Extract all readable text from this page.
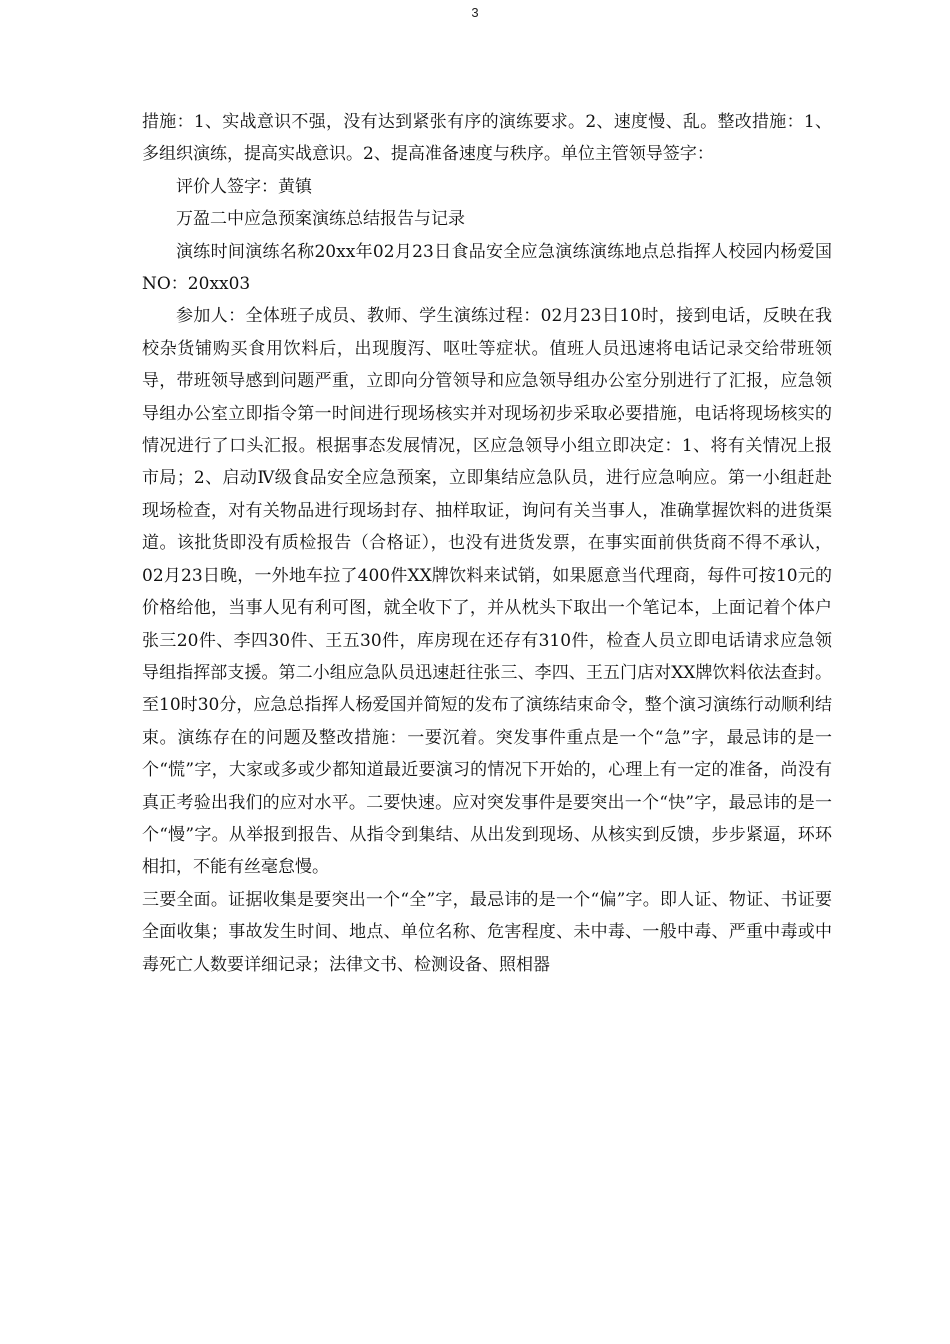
3

措施：1、实战意识不强，没有达到紧张有序的演练要求。2、速度慢、乱。整改措施：1、多组织演练，提高实战意识。2、提高准备速度与秩序。单位主管领导签字：

评价人签字：黄镇

万盈二中应急预案演练总结报告与记录

演练时间演练名称20xx年02月23日食品安全应急演练演练地点总指挥人校园内杨爱国NO：20xx03

参加人：全体班子成员、教师、学生演练过程：02月23日10时，接到电话，反映在我校杂货铺购买食用饮料后，出现腹泻、呕吐等症状。值班人员迅速将电话记录交给带班领导，带班领导感到问题严重，立即向分管领导和应急领导组办公室分别进行了汇报，应急领导组办公室立即指令第一时间进行现场核实并对现场初步采取必要措施，电话将现场核实的情况进行了口头汇报。根据事态发展情况，区应急领导小组立即决定：1、将有关情况上报市局；2、启动Ⅳ级食品安全应急预案，立即集结应急队员，进行应急响应。第一小组赶赴现场检查，对有关物品进行现场封存、抽样取证，询问有关当事人，准确掌握饮料的进货渠道。该批货即没有质检报告（合格证），也没有进货发票，在事实面前供货商不得不承认，02月23日晚，一外地车拉了400件XX牌饮料来试销，如果愿意当代理商，每件可按10元的价格给他，当事人见有利可图，就全收下了，并从枕头下取出一个笔记本，上面记着个体户张三20件、李四30件、王五30件，库房现在还存有310件，检查人员立即电话请求应急领导组指挥部支援。第二小组应急队员迅速赶往张三、李四、王五门店对XX牌饮料依法查封。至10时30分，应急总指挥人杨爱国并简短的发布了演练结束命令，整个演习演练行动顺利结束。演练存在的问题及整改措施：一要沉着。突发事件重点是一个“急”字，最忌讳的是一个“慌”字，大家或多或少都知道最近要演习的情况下开始的，心理上有一定的准备，尚没有真正考验出我们的应对水平。二要快速。应对突发事件是要突出一个“快”字，最忌讳的是一个“慢”字。从举报到报告、从指令到集结、从出发到现场、从核实到反馈，步步紧逼，环环相扣，不能有丝毫怠慢。

三要全面。证据收集是要突出一个“全”字，最忌讳的是一个“偏”字。即人证、物证、书证要全面收集；事故发生时间、地点、单位名称、危害程度、未中毒、一般中毒、严重中毒或中毒死亡人数要详细记录；法律文书、检测设备、照相器
